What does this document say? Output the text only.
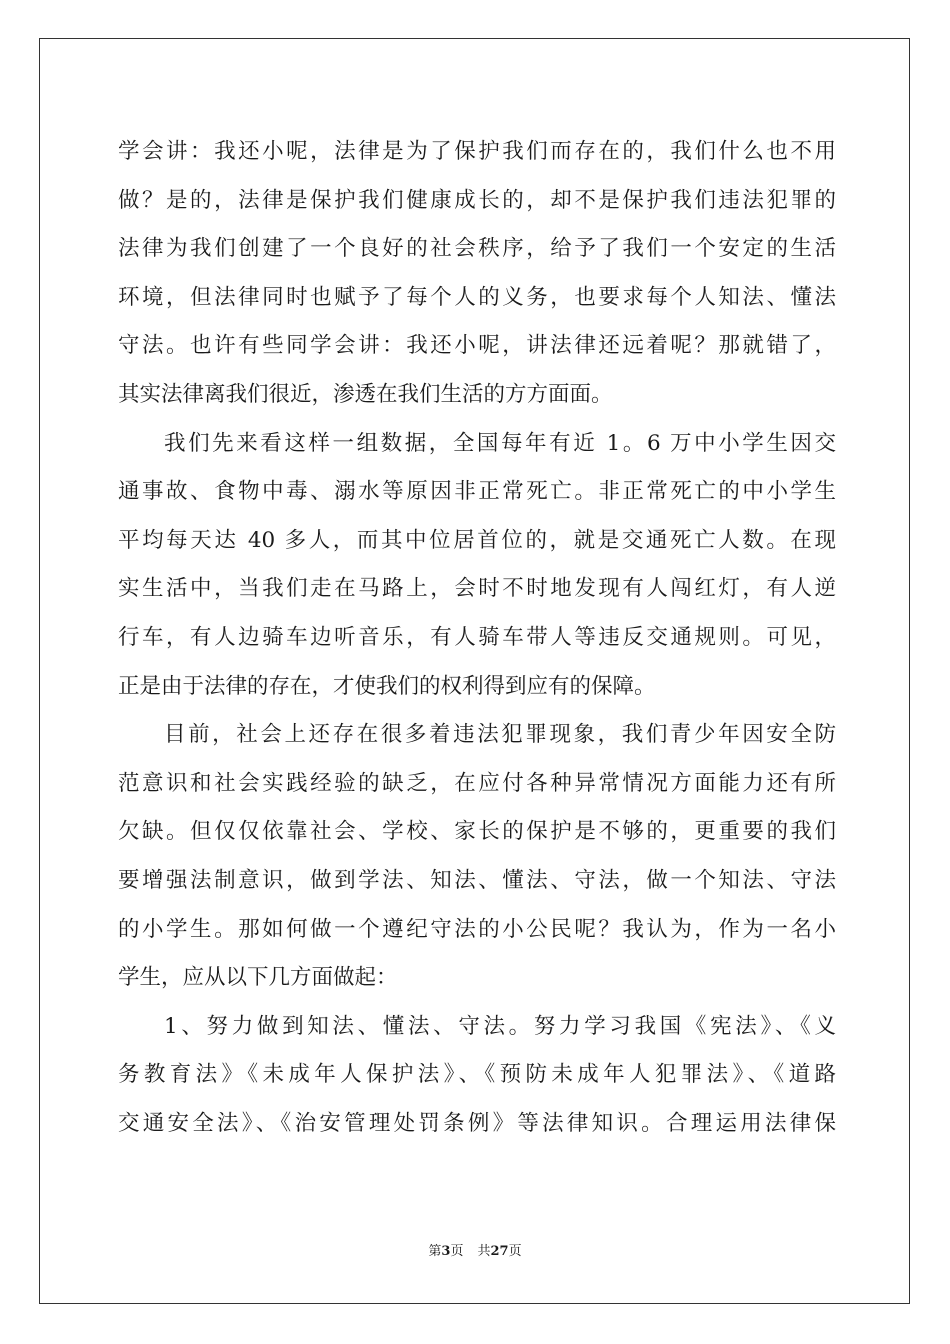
学会讲：我还小呢，法律是为了保护我们而存在的，我们什么也不用
做？是的，法律是保护我们健康成长的，却不是保护我们违法犯罪的
法律为我们创建了一个良好的社会秩序，给予了我们一个安定的生活
环境，但法律同时也赋予了每个人的义务，也要求每个人知法、懂法
守法。也许有些同学会讲：我还小呢，讲法律还远着呢？那就错了，
其实法律离我们很近，渗透在我们生活的方方面面。
我们先来看这样一组数据，全国每年有近 1。6 万中小学生因交
通事故、食物中毒、溺水等原因非正常死亡。非正常死亡的中小学生
平均每天达 40 多人，而其中位居首位的，就是交通死亡人数。在现
实生活中，当我们走在马路上，会时不时地发现有人闯红灯，有人逆
行车，有人边骑车边听音乐，有人骑车带人等违反交通规则。可见，
正是由于法律的存在，才使我们的权利得到应有的保障。
目前，社会上还存在很多着违法犯罪现象，我们青少年因安全防
范意识和社会实践经验的缺乏，在应付各种异常情况方面能力还有所
欠缺。但仅仅依靠社会、学校、家长的保护是不够的，更重要的我们
要增强法制意识，做到学法、知法、懂法、守法，做一个知法、守法
的小学生。那如何做一个遵纪守法的小公民呢？我认为，作为一名小
学生，应从以下几方面做起：
1、努力做到知法、懂法、守法。努力学习我国《宪法》、《义
务教育法》《未成年人保护法》、《预防未成年人犯罪法》、《道路
交通安全法》、《治安管理处罚条例》等法律知识。合理运用法律保
第3页 共27页
